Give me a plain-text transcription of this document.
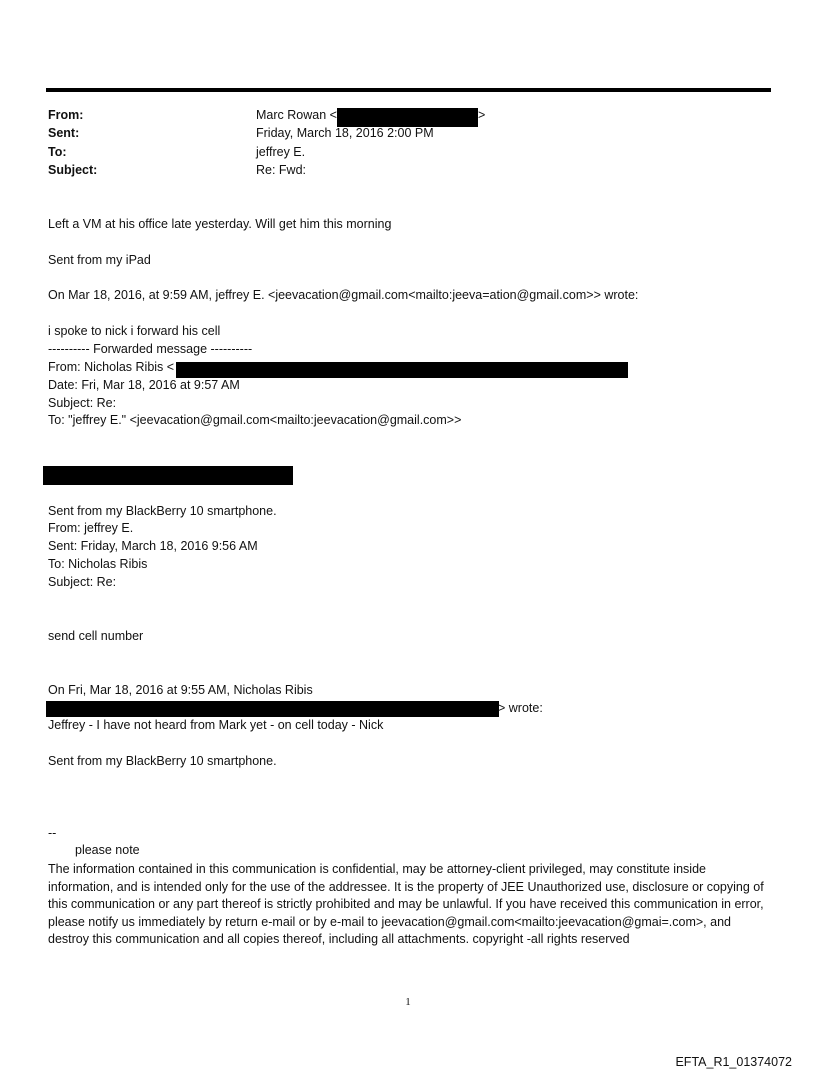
From:	Marc Rowan <	>
Sent:	Friday, March 18, 2016 2:00 PM
To:	jeffrey E.
Subject:	Re: Fwd:
Left a VM at his office late yesterday. Will get him this morning
Sent from my iPad
On Mar 18, 2016, at 9:59 AM, jeffrey E. <jeevacation@gmail.com<mailto:jeeva=ation@gmail.com>> wrote:
i spoke to nick i forward his cell
---------- Forwarded message ----------
From: Nicholas Ribis <
Date: Fri, Mar 18, 2016 at 9:57 AM
Subject: Re:
To: "jeffrey E." <jeevacation@gmail.com<mailto:jeevacation@gmail.com>>
Sent from my BlackBerry 10 smartphone.
From: jeffrey E.
Sent: Friday, March 18, 2016 9:56 AM
To: Nicholas Ribis
Subject: Re:
send cell number
On Fri, Mar 18, 2016 at 9:55 AM, Nicholas Ribis
> wrote:
Jeffrey - I have not heard from Mark yet - on cell today - Nick
Sent from my BlackBerry 10 smartphone.
--
please note
The information contained in this communication is confidential, may be attorney-client privileged, may constitute inside information, and is intended only for the use of the addressee. It is the property of JEE Unauthorized use, disclosure or copying of this communication or any part thereof is strictly prohibited and may be unlawful. If you have received this communication in error, please notify us immediately by return e-mail or by e-mail to jeevacation@gmail.com<mailto:jeevacation@gmai=.com>, and destroy this communication and all copies thereof, including all attachments. copyright -all rights reserved
1
EFTA_R1_01374072
